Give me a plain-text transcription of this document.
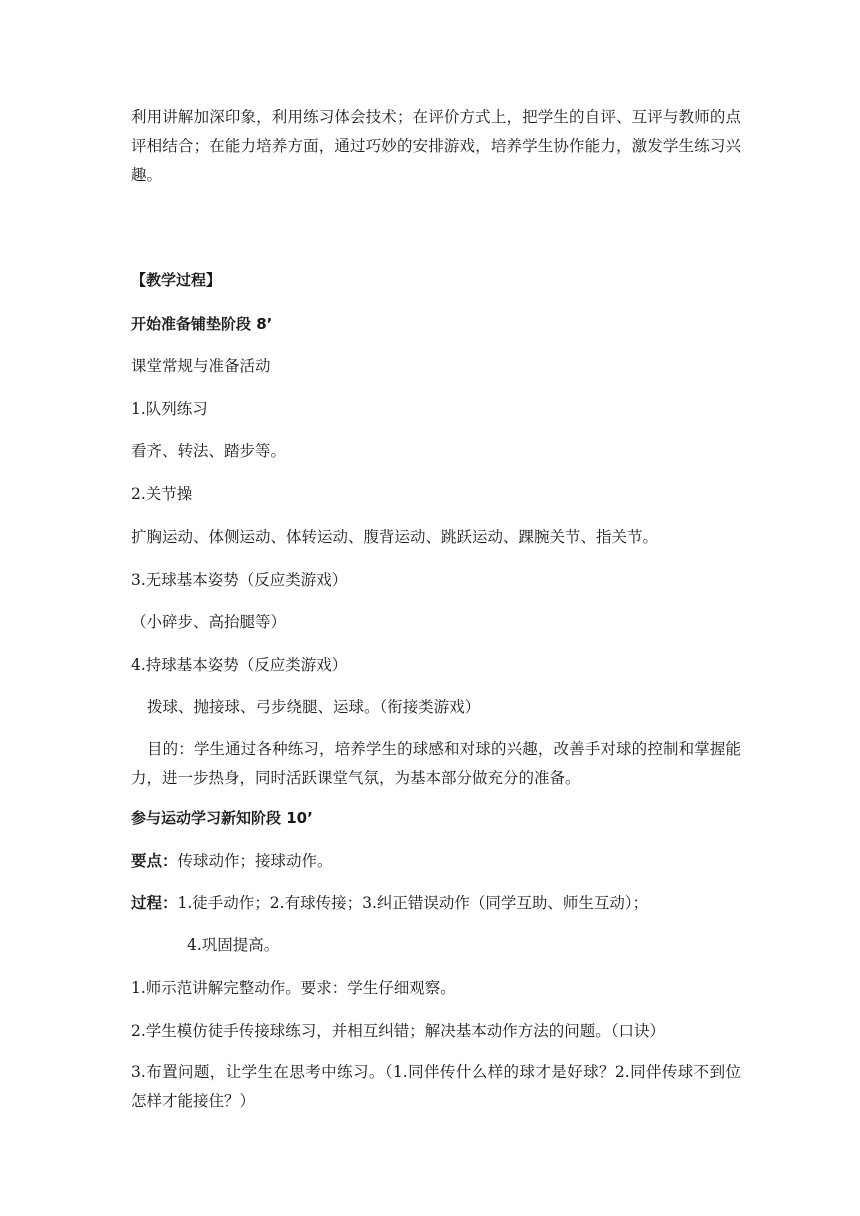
利用讲解加深印象，利用练习体会技术；在评价方式上，把学生的自评、互评与教师的点评相结合；在能力培养方面，通过巧妙的安排游戏，培养学生协作能力，激发学生练习兴趣。
【教学过程】
开始准备铺垫阶段 8’
课堂常规与准备活动
1.队列练习
看齐、转法、踏步等。
2.关节操
扩胸运动、体侧运动、体转运动、腹背运动、跳跃运动、踝腕关节、指关节。
3.无球基本姿势（反应类游戏）
（小碎步、高抬腿等）
4.持球基本姿势（反应类游戏）
拨球、抛接球、弓步绕腿、运球。（衔接类游戏）
目的：学生通过各种练习，培养学生的球感和对球的兴趣，改善手对球的控制和掌握能力，进一步热身，同时活跃课堂气氛，为基本部分做充分的准备。
参与运动学习新知阶段 10’
要点：传球动作；接球动作。
过程：1.徒手动作；2.有球传接；3.纠正错误动作（同学互助、师生互动）；
4.巩固提高。
1.师示范讲解完整动作。要求：学生仔细观察。
2.学生模仿徒手传接球练习，并相互纠错；解决基本动作方法的问题。（口诀）
3.布置问题，让学生在思考中练习。（1.同伴传什么样的球才是好球？2.同伴传球不到位怎样才能接住？）
